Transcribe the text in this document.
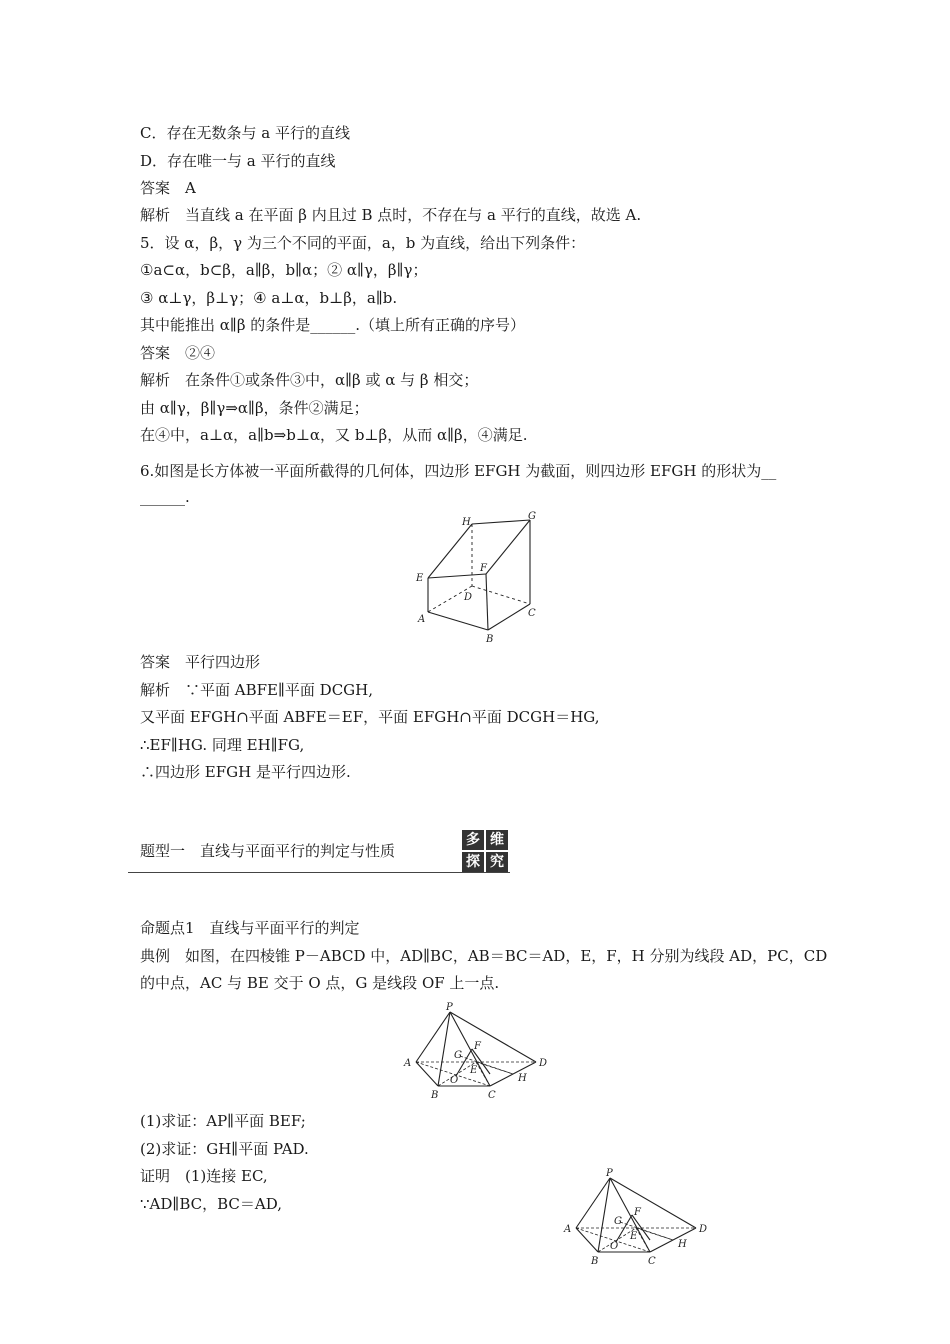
C．存在无数条与 a 平行的直线
D．存在唯一与 a 平行的直线
答案　A
解析　当直线 a 在平面 β 内且过 B 点时，不存在与 a 平行的直线，故选 A.
5．设 α，β，γ 为三个不同的平面，a，b 为直线，给出下列条件：
①a⊂α，b⊂β，a∥β，b∥α；② α∥γ，β∥γ；
③ α⊥γ，β⊥γ；④ a⊥α，b⊥β，a∥b.
其中能推出 α∥β 的条件是______.（填上所有正确的序号）
答案　②④
解析　在条件①或条件③中，α∥β 或 α 与 β 相交；
由 α∥γ，β∥γ⇒α∥β，条件②满足；
在④中，a⊥α，a∥b⇒b⊥α，又 b⊥β，从而 α∥β，④满足.
6.如图是长方体被一平面所截得的几何体，四边形 EFGH 为截面，则四边形 EFGH 的形状为__
______.
H
G
E
F
D
A
C
B
答案　平行四边形
解析　∵平面 ABFE∥平面 DCGH,
又平面 EFGH∩平面 ABFE＝EF，平面 EFGH∩平面 DCGH＝HG,
∴EF∥HG. 同理 EH∥FG,
∴四边形 EFGH 是平行四边形.
题型一　直线与平面平行的判定与性质
多 维
探 究
命题点1　直线与平面平行的判定
典例　如图，在四棱锥 P－ABCD 中，AD∥BC，AB＝BC＝AD，E，F，H 分别为线段 AD，PC，CD
的中点，AC 与 BE 交于 O 点，G 是线段 OF 上一点.
P
A	D
G
F
E
O	H
B	C
(1)求证：AP∥平面 BEF;
(2)求证：GH∥平面 PAD.
证明　(1)连接 EC,
∵AD∥BC，BC＝AD,
P
A	D
G
F
E
O	H
B	C
